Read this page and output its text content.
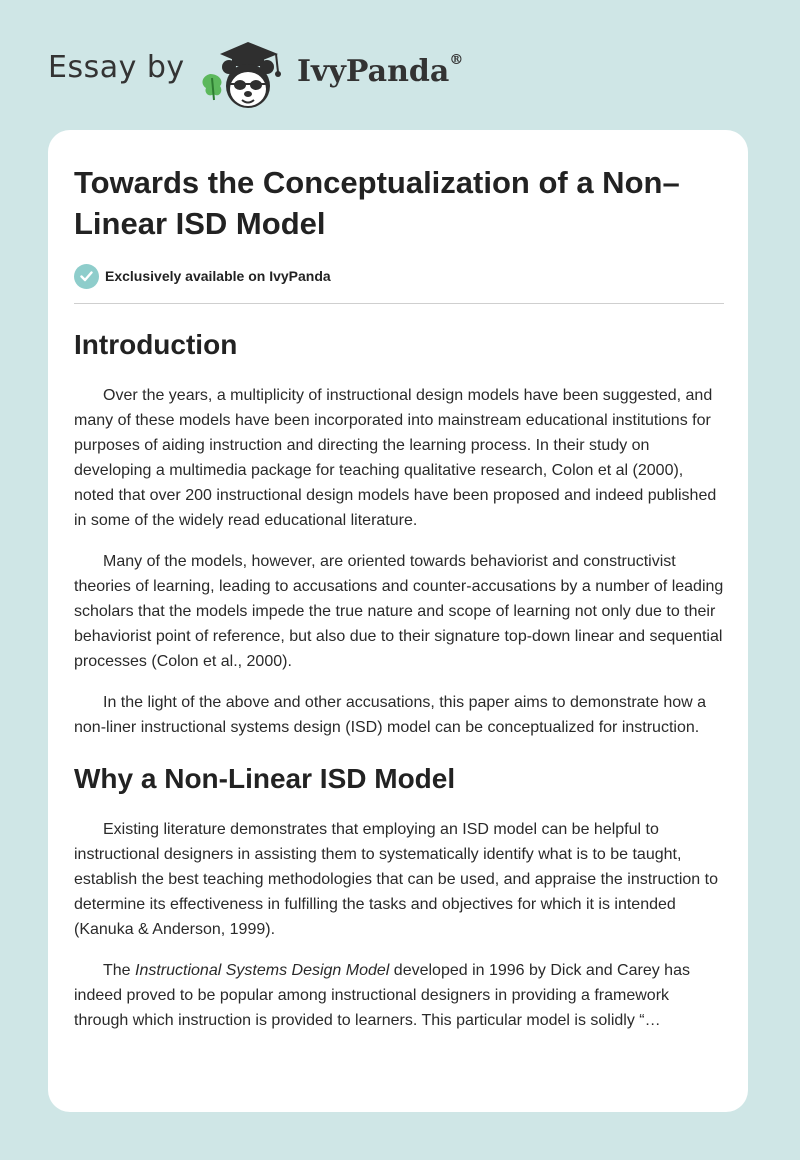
Essay by	IvyPanda®
Towards the Conceptualization of a Non–Linear ISD Model
Exclusively available on IvyPanda
Introduction

Over the years, a multiplicity of instructional design models have been suggested, and many of these models have been incorporated into mainstream educational institutions for purposes of aiding instruction and directing the learning process. In their study on developing a multimedia package for teaching qualitative research, Colon et al (2000), noted that over 200 instructional design models have been proposed and indeed published in some of the widely read educational literature.

Many of the models, however, are oriented towards behaviorist and constructivist theories of learning, leading to accusations and counter-accusations by a number of leading scholars that the models impede the true nature and scope of learning not only due to their behaviorist point of reference, but also due to their signature top-down linear and sequential processes (Colon et al., 2000).

In the light of the above and other accusations, this paper aims to demonstrate how a non-liner instructional systems design (ISD) model can be conceptualized for instruction.

Why a Non-Linear ISD Model

Existing literature demonstrates that employing an ISD model can be helpful to instructional designers in assisting them to systematically identify what is to be taught, establish the best teaching methodologies that can be used, and appraise the instruction to determine its effectiveness in fulfilling the tasks and objectives for which it is intended (Kanuka & Anderson, 1999).

The Instructional Systems Design Model developed in 1996 by Dick and Carey has indeed proved to be popular among instructional designers in providing a framework through which instruction is provided to learners. This particular model is solidly “…
